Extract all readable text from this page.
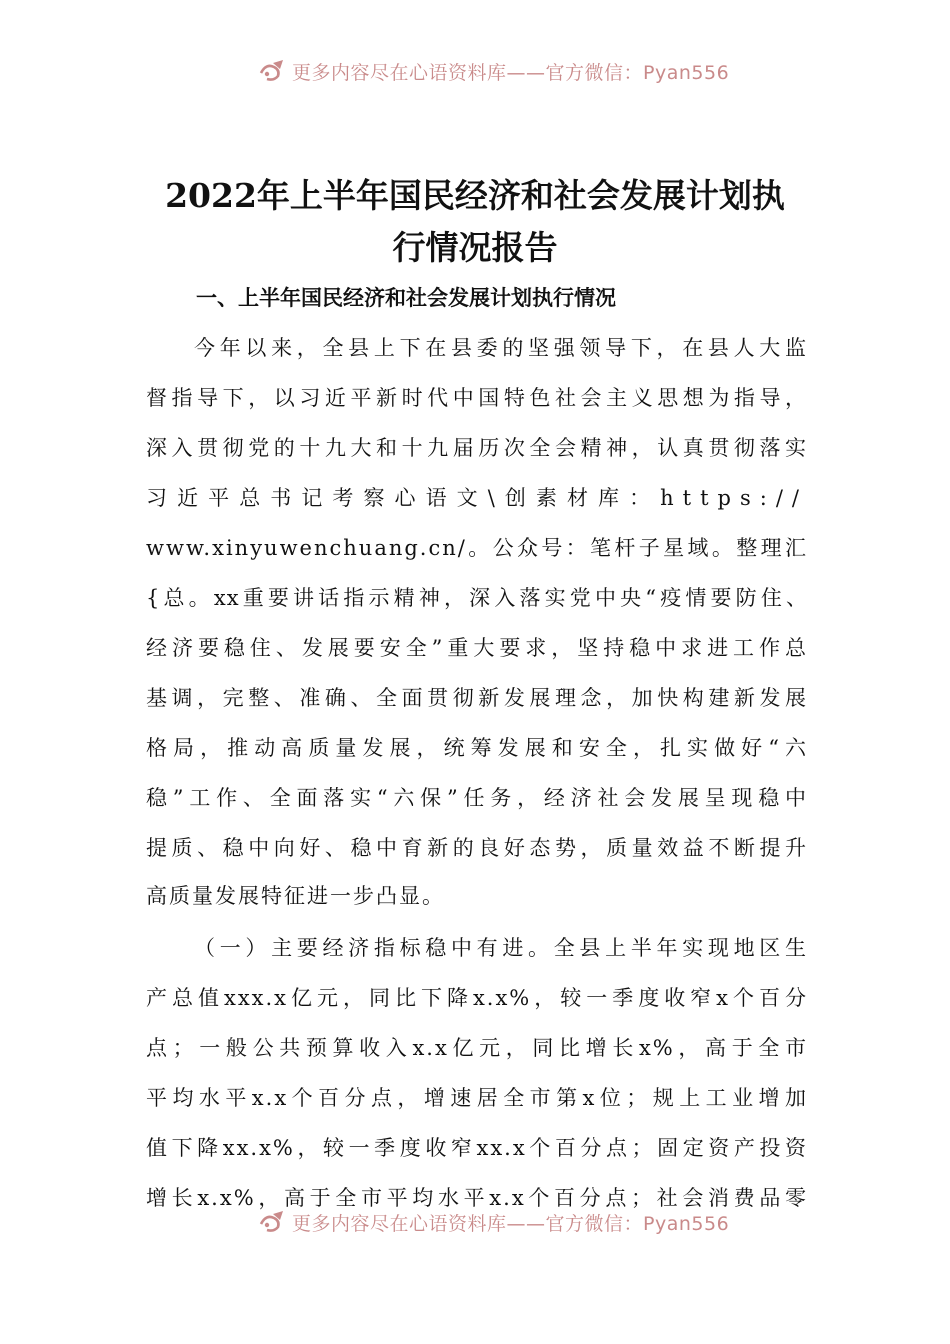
更多内容尽在心语资料库——官方微信：Pyan556
2022年上半年国民经济和社会发展计划执
行情况报告
一、上半年国民经济和社会发展计划执行情况

今年以来，全县上下在县委的坚强领导下，在县人大监

督指导下，以习近平新时代中国特色社会主义思想为指导，

深入贯彻党的十九大和十九届历次全会精神，认真贯彻落实

习近平总书记考察心语文\创素材库：https://

www.xinyuwenchuang.cn/。公众号：笔杆子星域。整理汇

{总。xx重要讲话指示精神，深入落实党中央“疫情要防住、

经济要稳住、发展要安全”重大要求，坚持稳中求进工作总

基调，完整、准确、全面贯彻新发展理念，加快构建新发展

格局，推动高质量发展，统筹发展和安全，扎实做好“六

稳”工作、全面落实“六保”任务，经济社会发展呈现稳中

提质、稳中向好、稳中育新的良好态势，质量效益不断提升

高质量发展特征进一步凸显。

（一）主要经济指标稳中有进。全县上半年实现地区生

产总值xxx.x亿元，同比下降x.x%，较一季度收窄x个百分

点；一般公共预算收入x.x亿元，同比增长x%，高于全市

平均水平x.x个百分点，增速居全市第x位；规上工业增加

值下降xx.x%，较一季度收窄xx.x个百分点；固定资产投资

增长x.x%，高于全市平均水平x.x个百分点；社会消费品零

更多内容尽在心语资料库——官方微信：Pyan556
